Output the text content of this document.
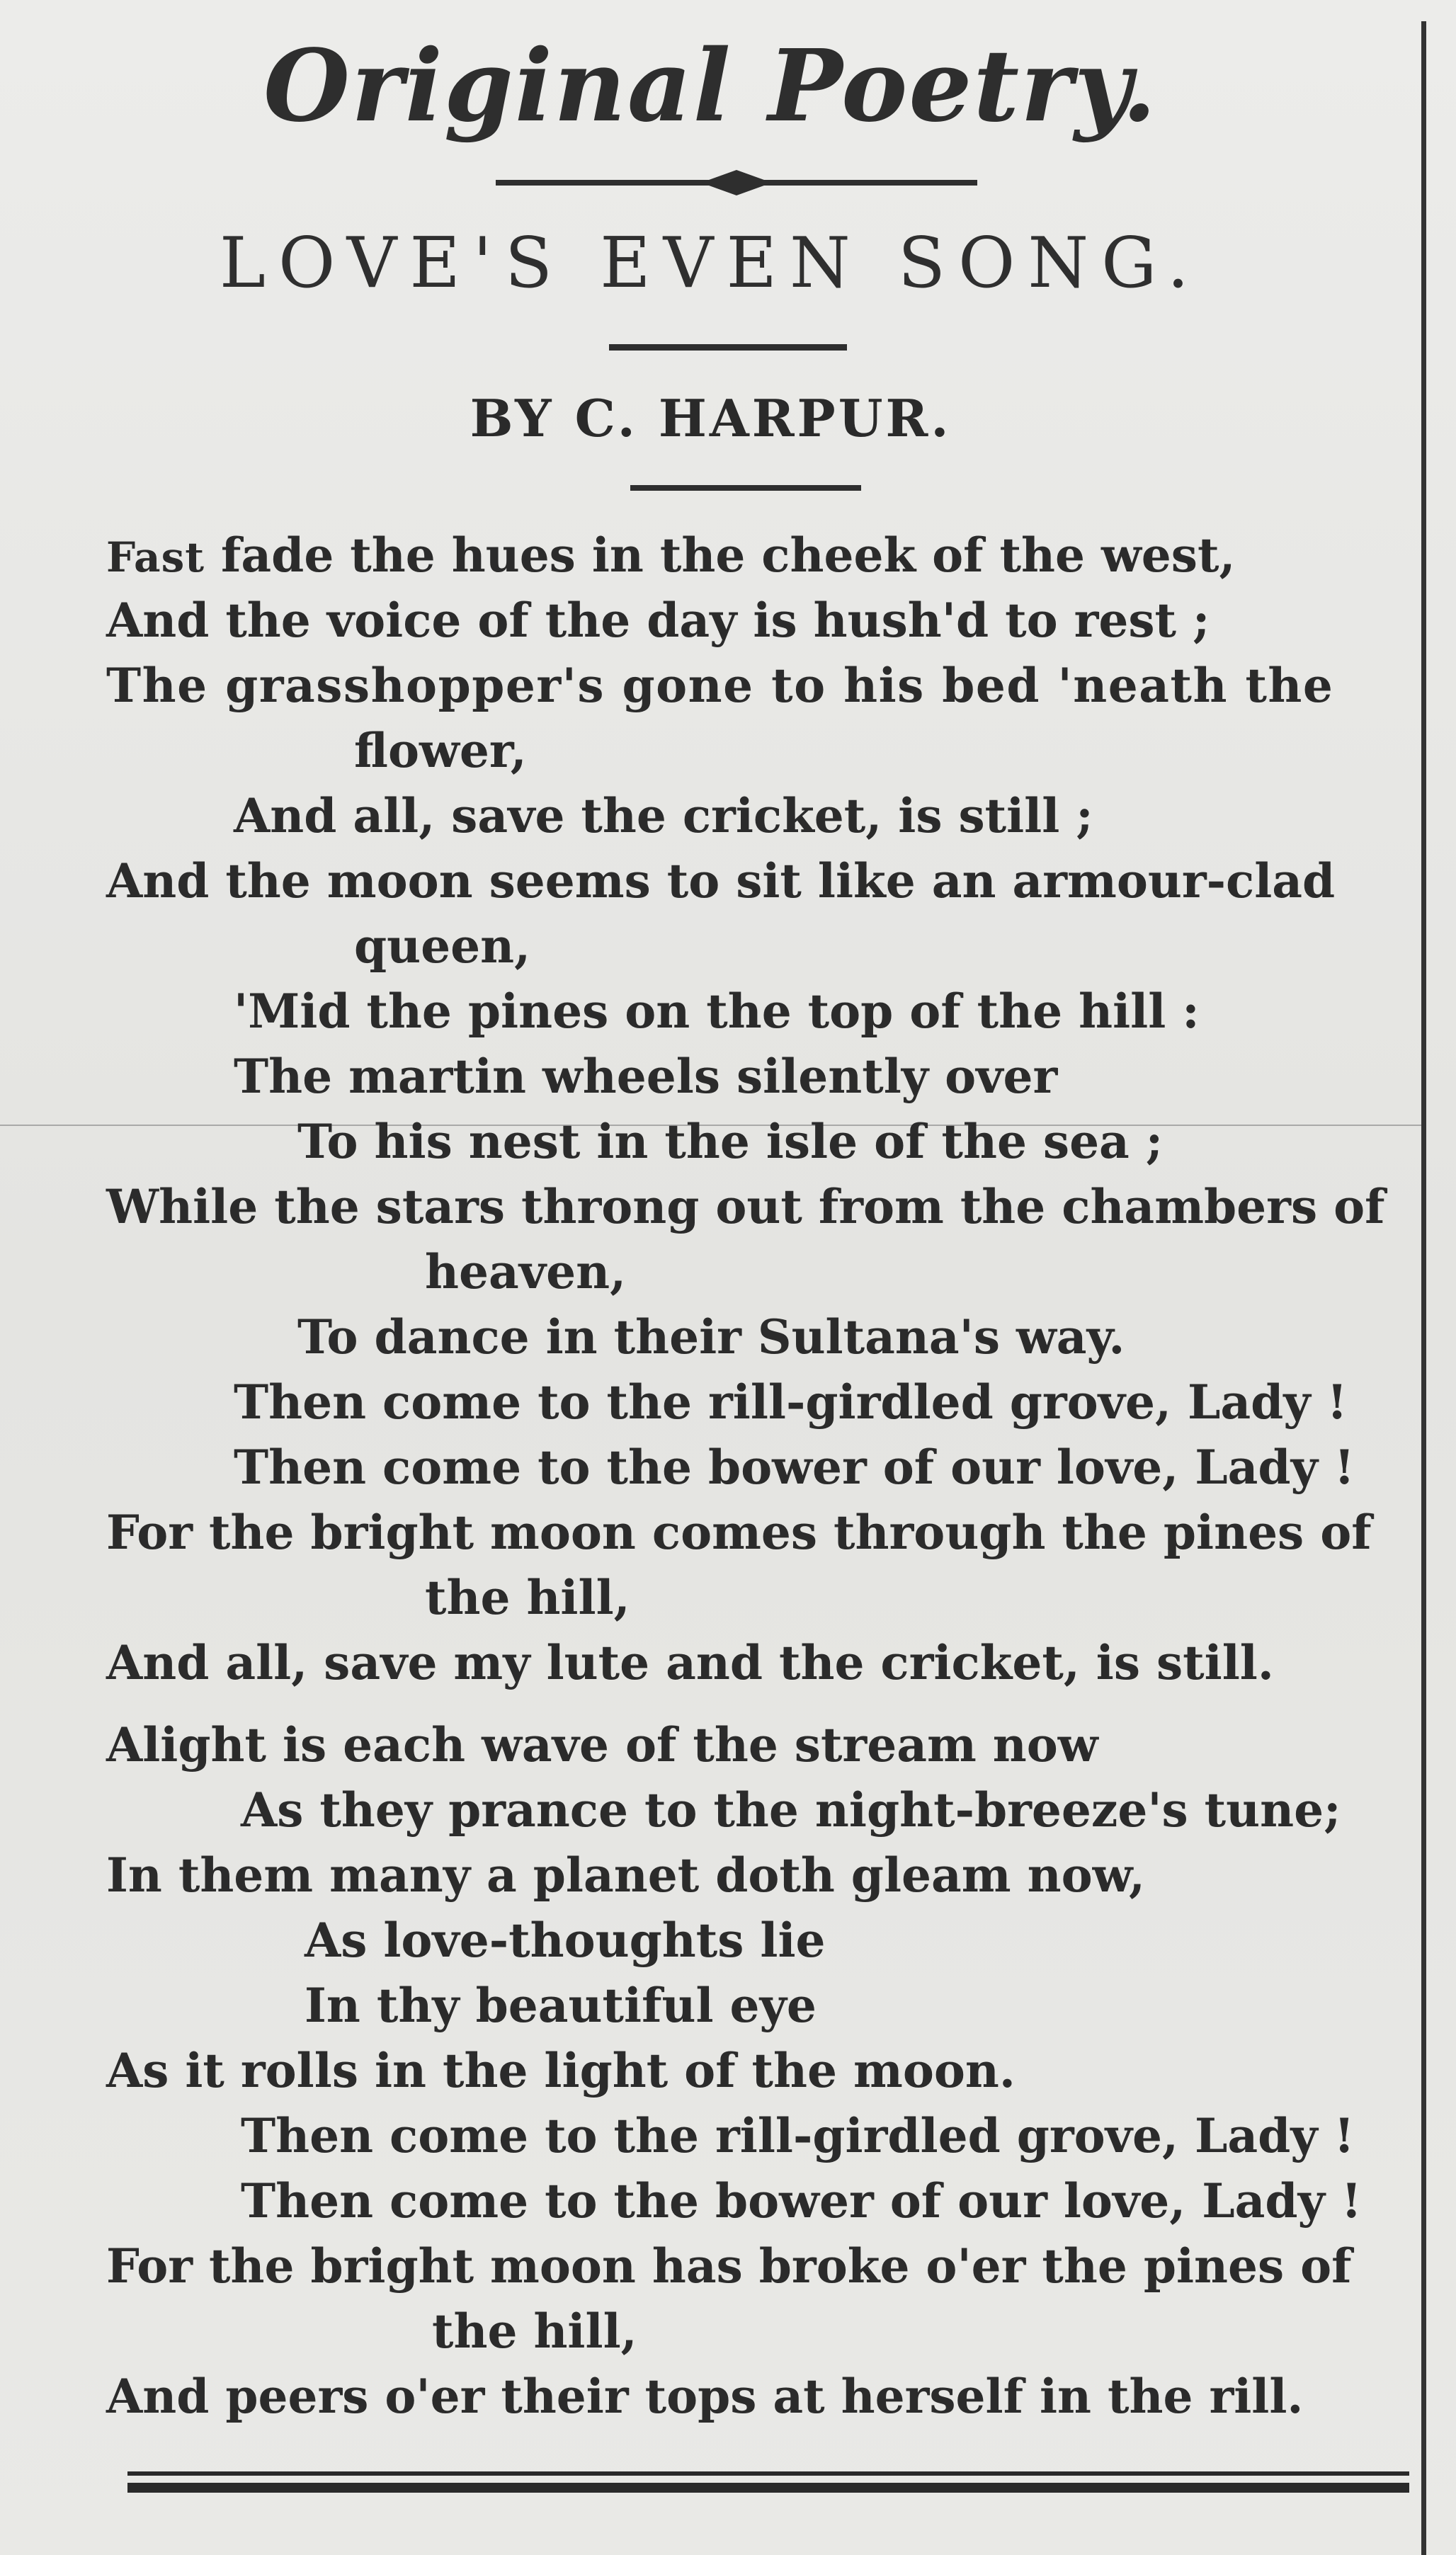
Original Poetry.
LOVE'S EVEN SONG.
BY C. HARPUR.
Fast fade the hues in the cheek of the west,
And the voice of the day is hush'd to rest ;
The grasshopper's gone to his bed 'neath the
flower,
And all, save the cricket, is still ;
And the moon seems to sit like an armour-clad
queen,
'Mid the pines on the top of the hill :
The martin wheels silently over
To his nest in the isle of the sea ;
While the stars throng out from the chambers of
heaven,
To dance in their Sultana's way.
Then come to the rill-girdled grove, Lady !
Then come to the bower of our love, Lady !
For the bright moon comes through the pines of
the hill,
And all, save my lute and the cricket, is still.
Alight is each wave of the stream now
As they prance to the night-breeze's tune;
In them many a planet doth gleam now,
As love-thoughts lie
In thy beautiful eye
As it rolls in the light of the moon.
Then come to the rill-girdled grove, Lady !
Then come to the bower of our love, Lady !
For the bright moon has broke o'er the pines of
the hill,
And peers o'er their tops at herself in the rill.
